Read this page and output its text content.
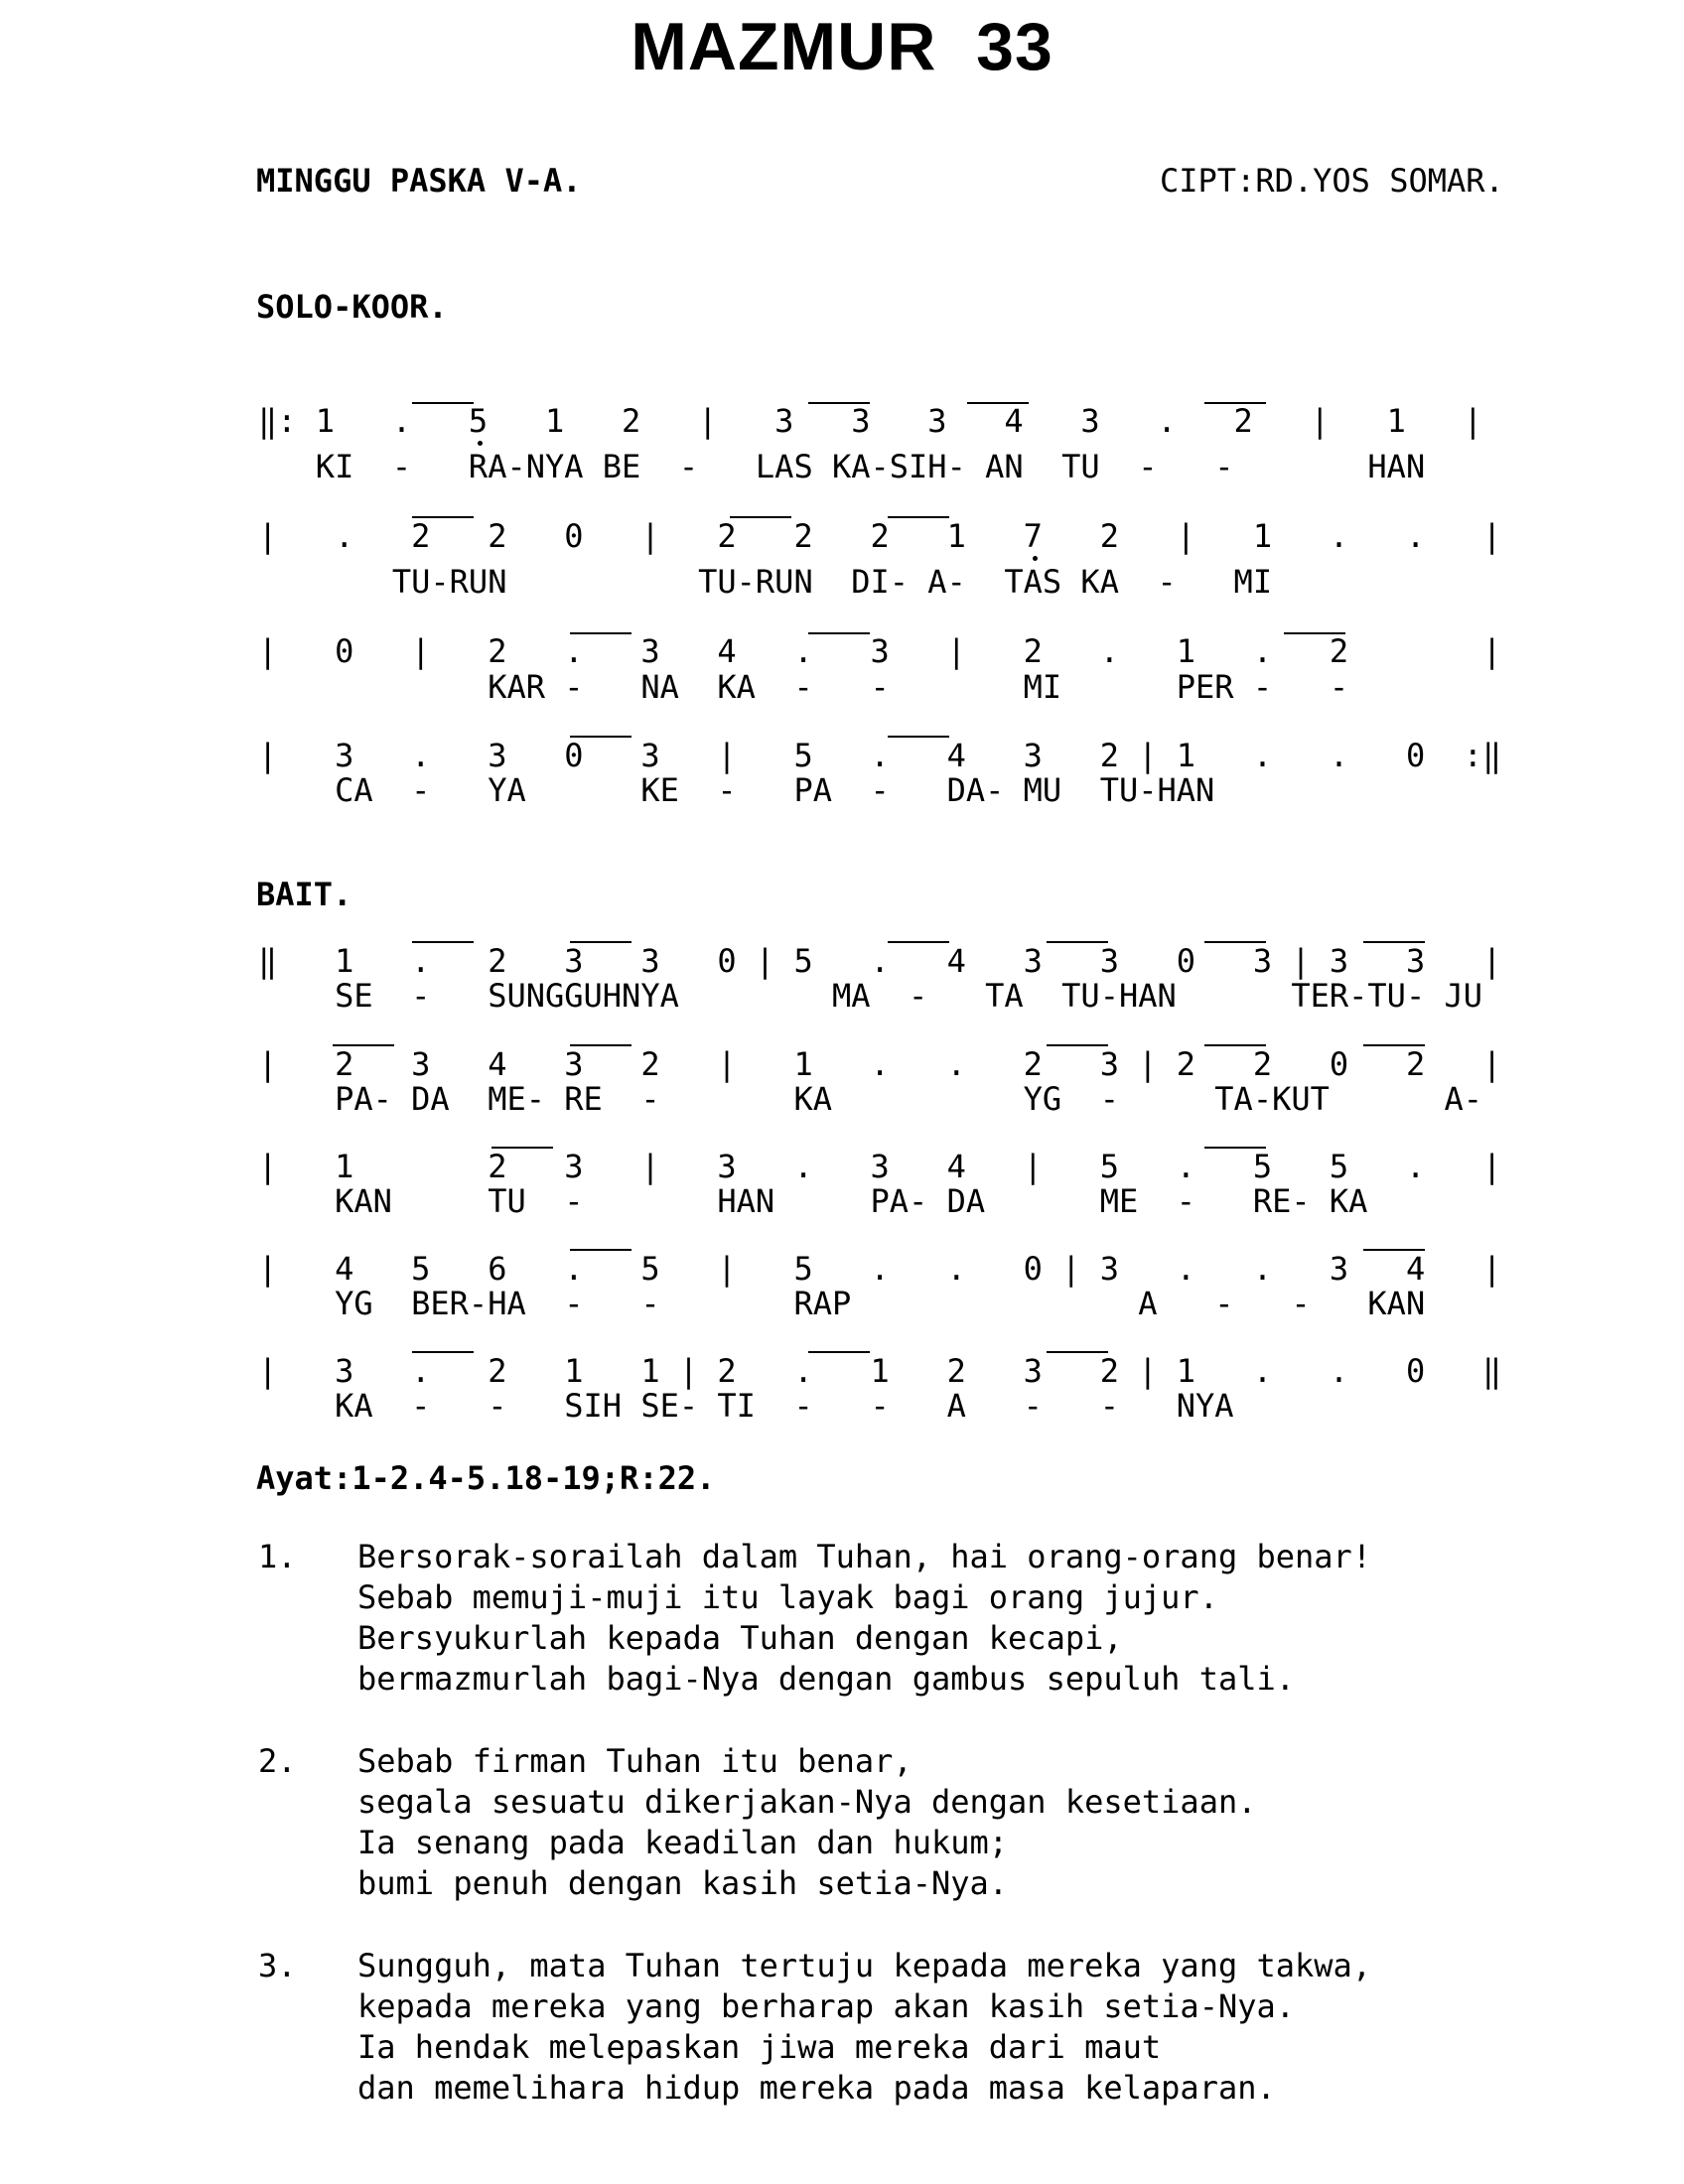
MAZMUR  33
MINGGU PASKA V-A.	CIPT:RD.YOS SOMAR.
SOLO-KOOR.
‖: 1   .   5   1   2   |   3   3   3   4   3   .   2   |   1   |
KI  -   RA-NYA BE  -   LAS KA-SIH- AN  TU  -   -       HAN
|   .   2   2   0   |   2   2   2   1   7   2   |   1   .   .   |
TU-RUN          TU-RUN  DI- A-  TAS KA  -   MI
|   0   |   2   .   3   4   .   3   |   2   .   1   .   2       |
KAR -   NA  KA  -   -       MI      PER -   -
|   3   .   3   0   3   |   5   .   4   3   2 | 1   .   .   0  :‖
CA  -   YA      KE  -   PA  -   DA- MU  TU-HAN
BAIT.
‖   1   .   2   3   3   0 | 5   .   4   3   3   0   3 | 3   3   |
SE  -   SUNGGUHNYA        MA  -   TA  TU-HAN      TER-TU- JU
|   2   3   4   3   2   |   1   .   .   2   3 | 2   2   0   2   |
PA- DA  ME- RE  -       KA          YG  -     TA-KUT      A-
|   1       2   3   |   3   .   3   4   |   5   .   5   5   .   |
KAN     TU  -       HAN     PA- DA      ME  -   RE- KA
|   4   5   6   .   5   |   5   .   .   0 | 3   .   .   3   4   |
YG  BER-HA  -   -       RAP               A   -   -   KAN
|   3   .   2   1   1 | 2   .   1   2   3   2 | 1   .   .   0   ‖
KA  -   -   SIH SE- TI  -   -   A   -   -   NYA
Ayat:1-2.4-5.18-19;R:22.
1. Bersorak-sorailah dalam Tuhan, hai orang-orang benar!
Sebab memuji-muji itu layak bagi orang jujur.
Bersyukurlah kepada Tuhan dengan kecapi,
bermazmurlah bagi-Nya dengan gambus sepuluh tali.
2. Sebab firman Tuhan itu benar,
segala sesuatu dikerjakan-Nya dengan kesetiaan.
Ia senang pada keadilan dan hukum;
bumi penuh dengan kasih setia-Nya.
3. Sungguh, mata Tuhan tertuju kepada mereka yang takwa,
kepada mereka yang berharap akan kasih setia-Nya.
Ia hendak melepaskan jiwa mereka dari maut
dan memelihara hidup mereka pada masa kelaparan.
